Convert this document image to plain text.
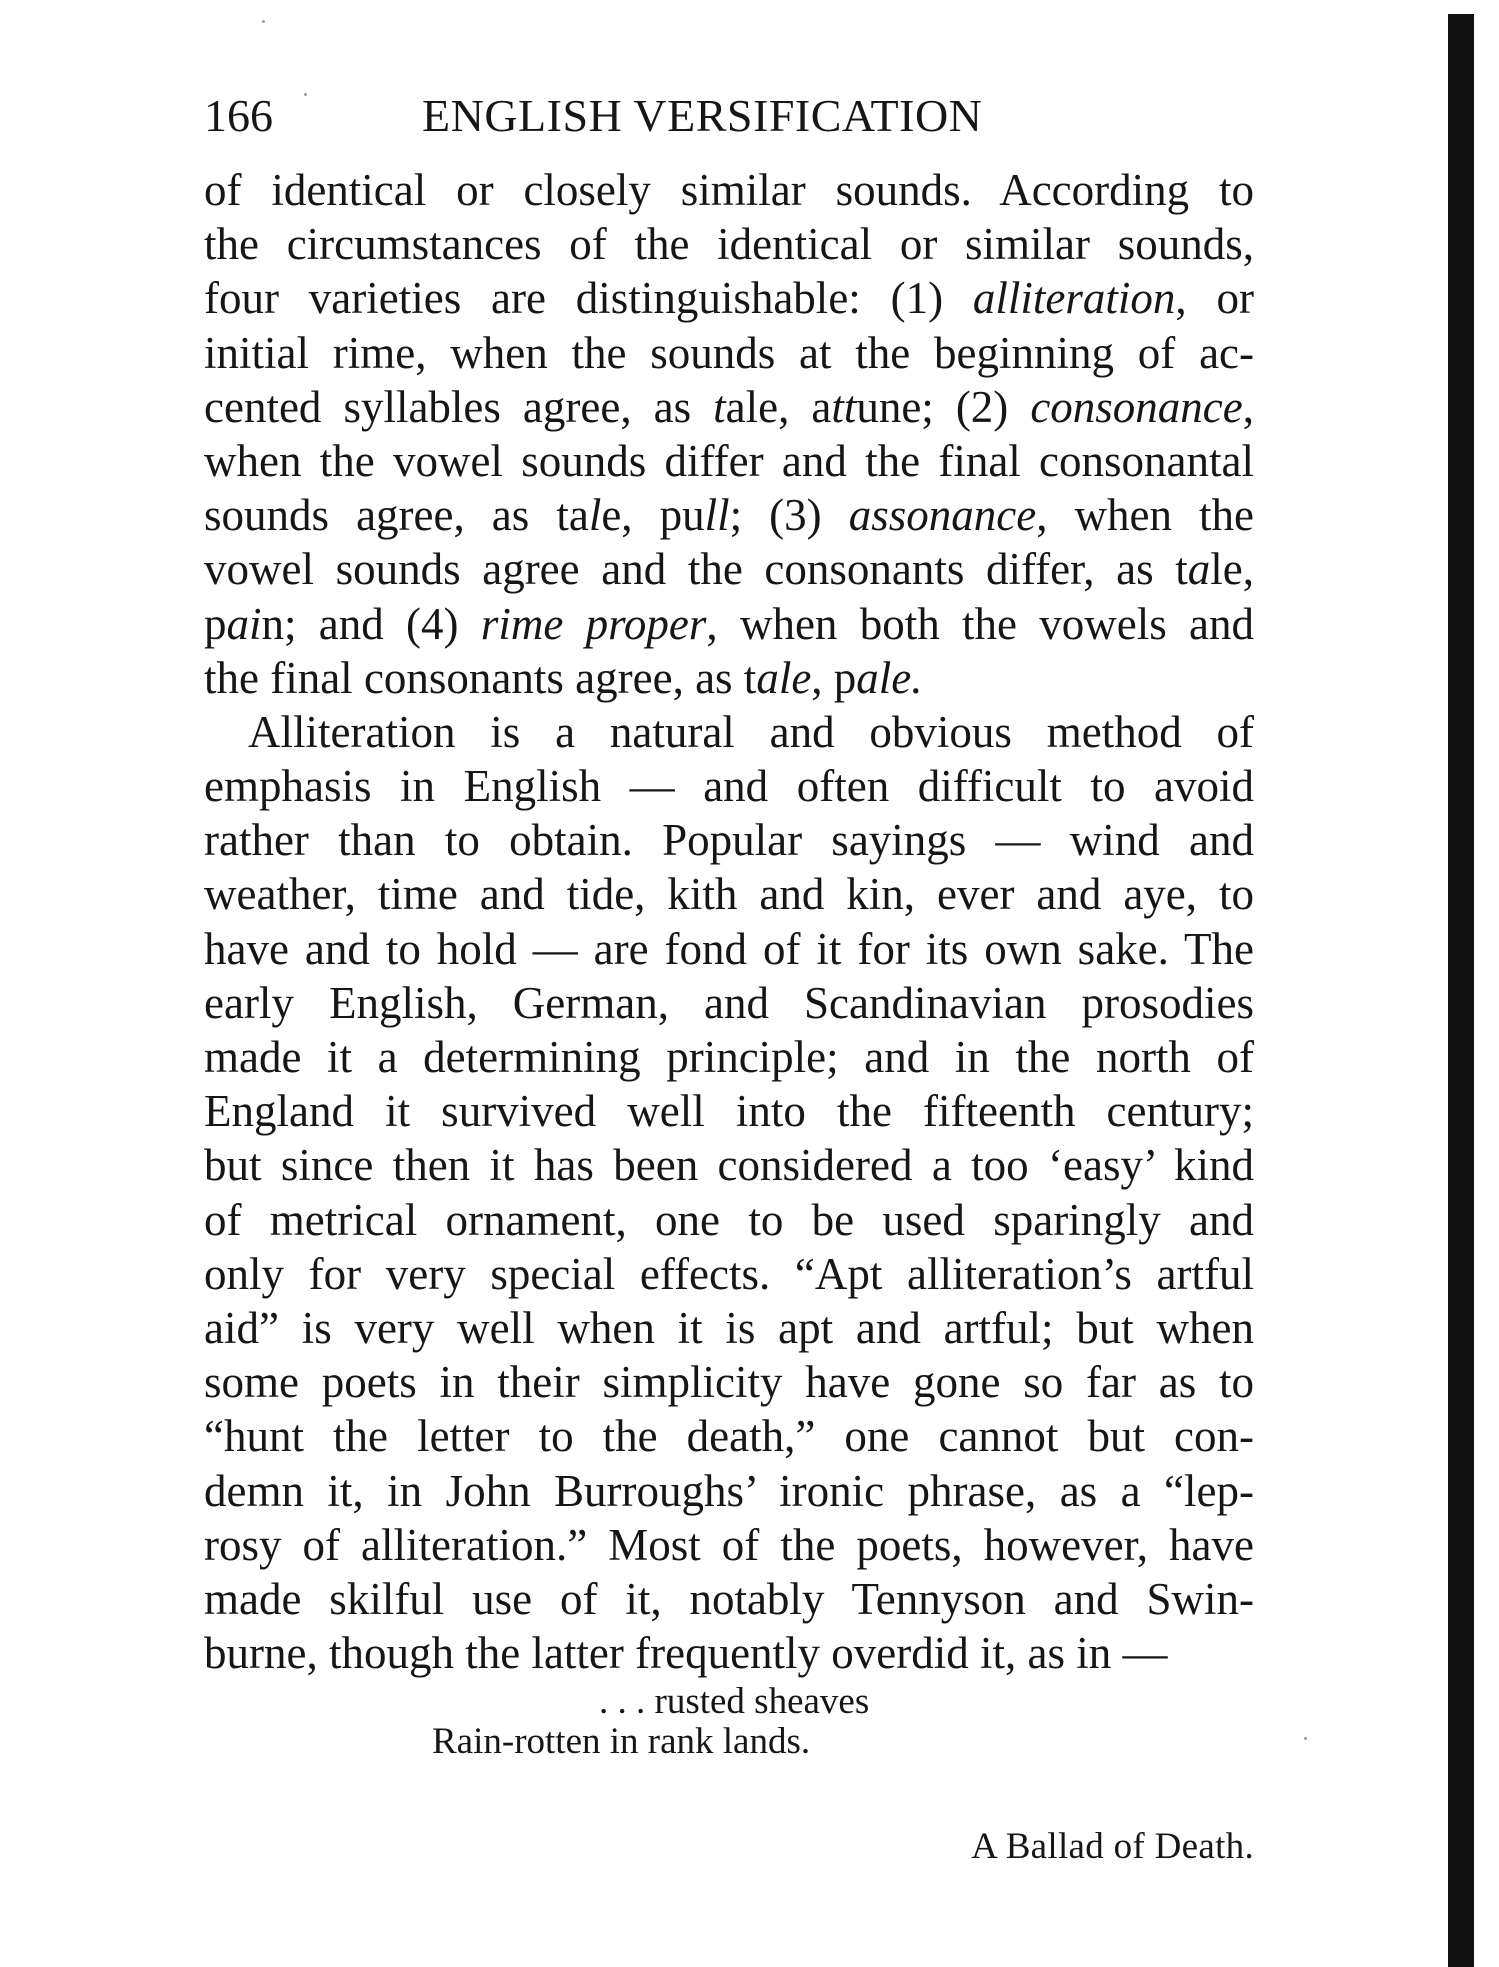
166	ENGLISH VERSIFICATION
of identical or closely similar sounds. According to
the circumstances of the identical or similar sounds,
four varieties are distinguishable: (1) alliteration, or
initial rime, when the sounds at the beginning of ac-
cented syllables agree, as tale, attune; (2) consonance,
when the vowel sounds differ and the final consonantal
sounds agree, as tale, pull; (3) assonance, when the
vowel sounds agree and the consonants differ, as tale,
pain; and (4) rime proper, when both the vowels and
the final consonants agree, as tale, pale.
Alliteration is a natural and obvious method of
emphasis in English — and often difficult to avoid
rather than to obtain. Popular sayings — wind and
weather, time and tide, kith and kin, ever and aye, to
have and to hold — are fond of it for its own sake. The
early English, German, and Scandinavian prosodies
made it a determining principle; and in the north of
England it survived well into the fifteenth century;
but since then it has been considered a too ‘easy’ kind
of metrical ornament, one to be used sparingly and
only for very special effects. “Apt alliteration’s artful
aid” is very well when it is apt and artful; but when
some poets in their simplicity have gone so far as to
“hunt the letter to the death,” one cannot but con-
demn it, in John Burroughs’ ironic phrase, as a “lep-
rosy of alliteration.” Most of the poets, however, have
made skilful use of it, notably Tennyson and Swin-
burne, though the latter frequently overdid it, as in —
. . . rusted sheaves
Rain-rotten in rank lands.
A Ballad of Death.
